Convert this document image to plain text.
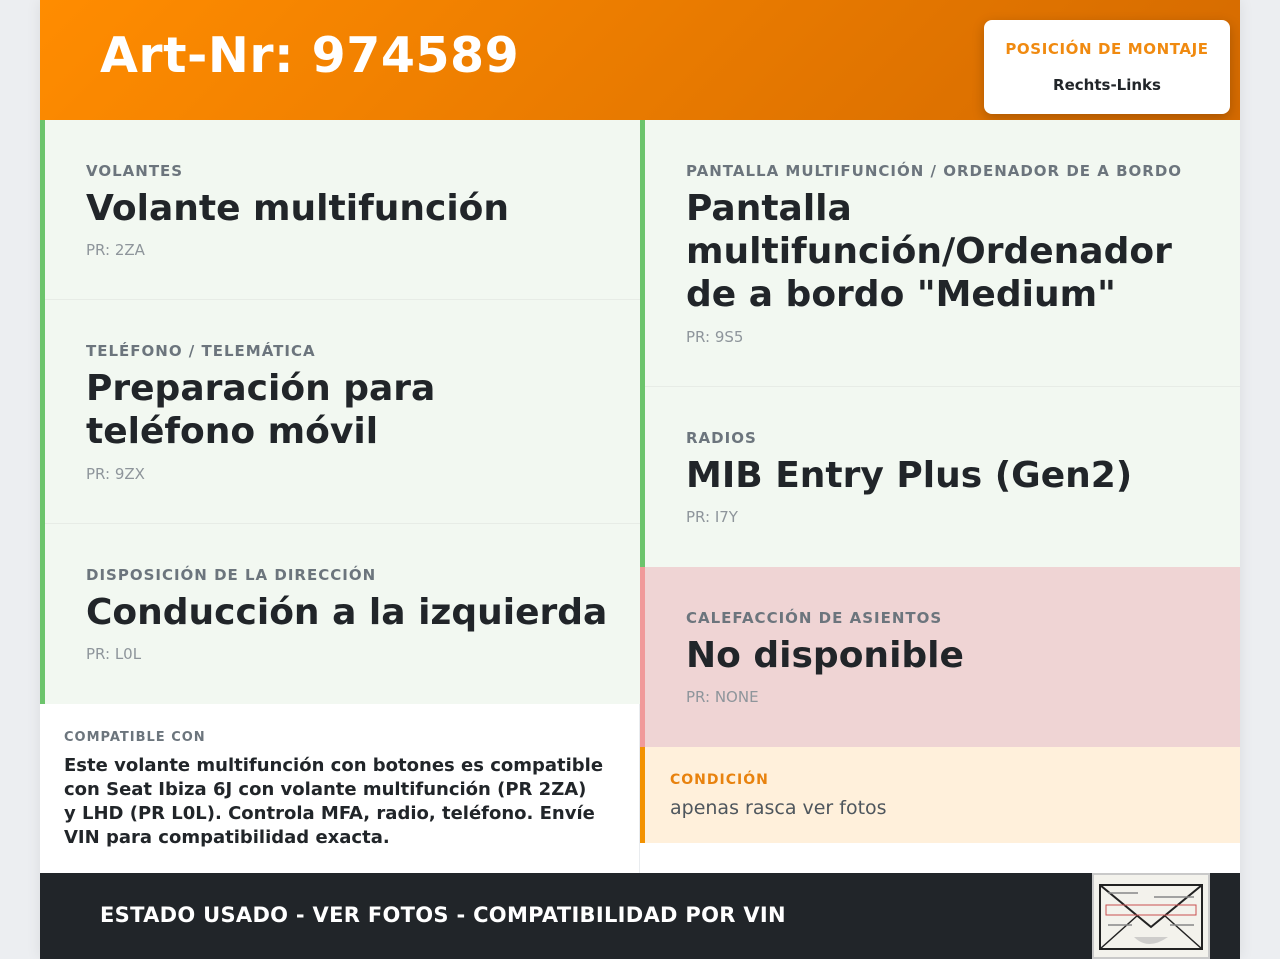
Art-Nr: 974589	POSICIÓN DE MONTAJE
Rechts-Links
VOLANTES
Volante multifunción
PR: 2ZA
TELÉFONO / TELEMÁTICA
Preparación para teléfono móvil
PR: 9ZX
DISPOSICIÓN DE LA DIRECCIÓN
Conducción a la izquierda
PR: L0L
PANTALLA MULTIFUNCIÓN / ORDENADOR DE A BORDO
Pantalla multifunción/Ordenador de a bordo "Medium"
PR: 9S5
RADIOS
MIB Entry Plus (Gen2)
PR: I7Y
CALEFACCIÓN DE ASIENTOS
No disponible
PR: NONE
COMPATIBLE CON
Este volante multifunción con botones es compatible con Seat Ibiza 6J con volante multifunción (PR 2ZA) y LHD (PR L0L). Controla MFA, radio, teléfono. Envíe VIN para compatibilidad exacta.
CONDICIÓN
apenas rasca ver fotos
ESTADO USADO - VER FOTOS - COMPATIBILIDAD POR VIN
